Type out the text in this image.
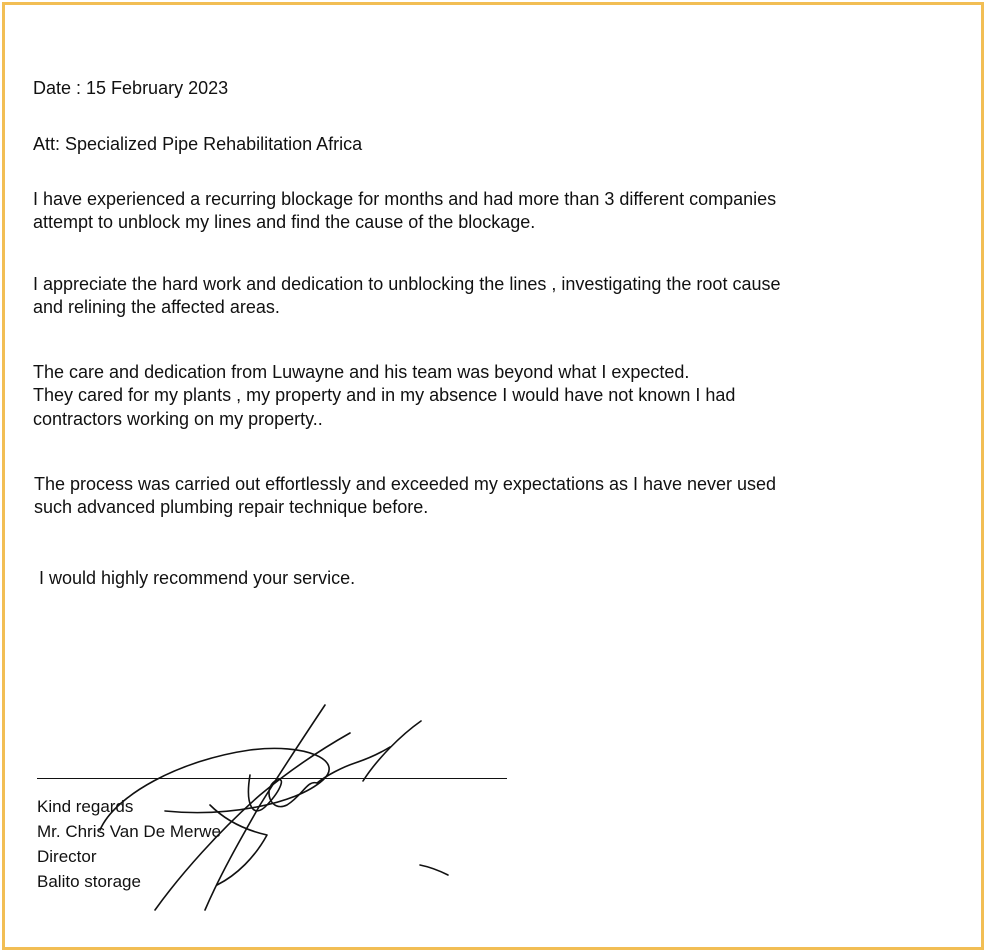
Date : 15 February 2023

Att: Specialized Pipe Rehabilitation Africa

I have experienced a recurring blockage for months and had more than 3 different companies
attempt to unblock my lines and find the cause of the blockage.
I appreciate the hard work and dedication to unblocking the lines , investigating the root cause
and relining the affected areas.
The care and dedication from Luwayne and his team was beyond what I expected.
They cared for my plants , my property and in my absence I would have not known I had
contractors working on my property..
The process was carried out effortlessly and exceeded my expectations as I have never used
such advanced plumbing repair technique before.
I would highly recommend your service.
Kind regards
Mr. Chris Van De Merwe
Director
Balito storage
